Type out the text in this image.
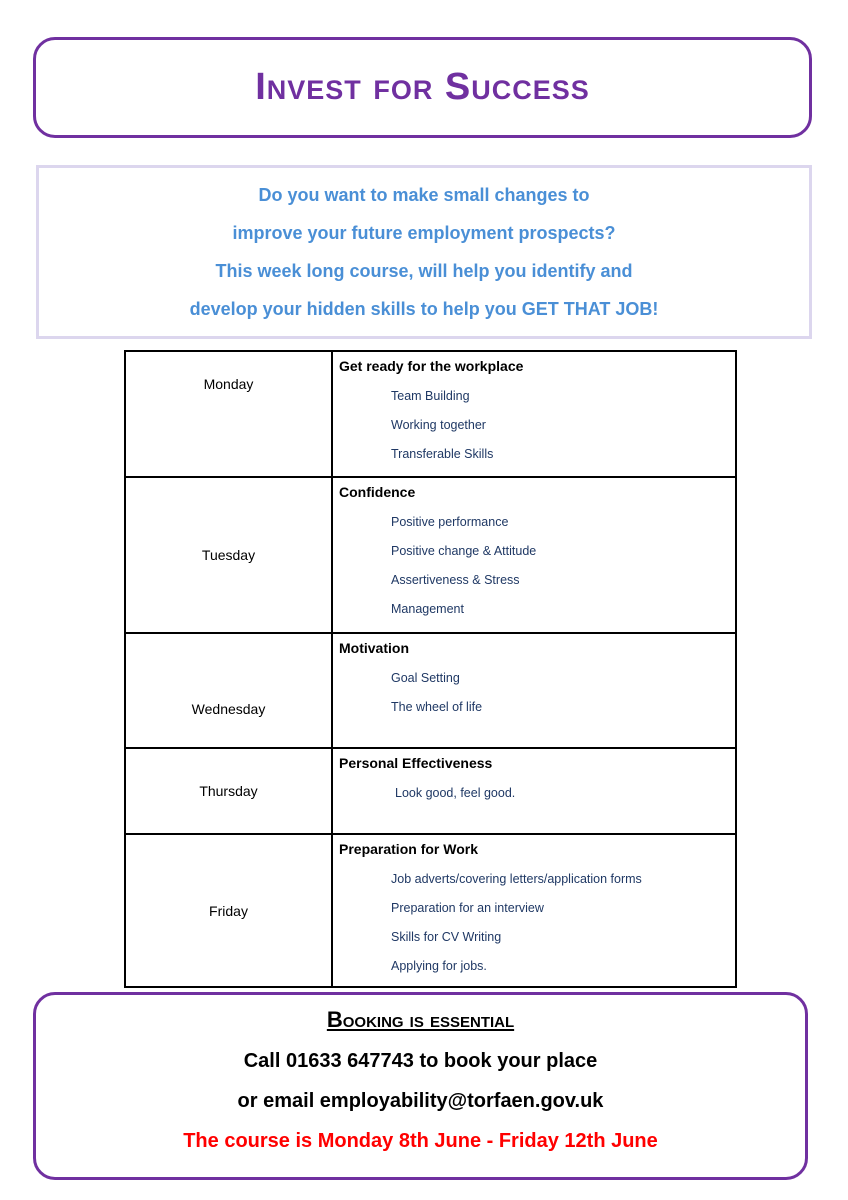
Invest for Success
Do you want to make small changes to
improve your future employment prospects?
This week long course, will help you identify and
develop your hidden skills to help you GET THAT JOB!
Monday	Get ready for the workplace
Team Building
Working together
Transferable Skills

Tuesday	Confidence
Positive performance
Positive change & Attitude
Assertiveness & Stress
Management

Wednesday	Motivation
Goal Setting
The wheel of life

Thursday	Personal Effectiveness
Look good, feel good.

Friday	Preparation for Work
Job adverts/covering letters/application forms
Preparation for an interview
Skills for CV Writing
Applying for jobs.
Booking is essential
Call 01633 647743 to book your place
or email employability@torfaen.gov.uk
The course is Monday 8th June - Friday 12th June
